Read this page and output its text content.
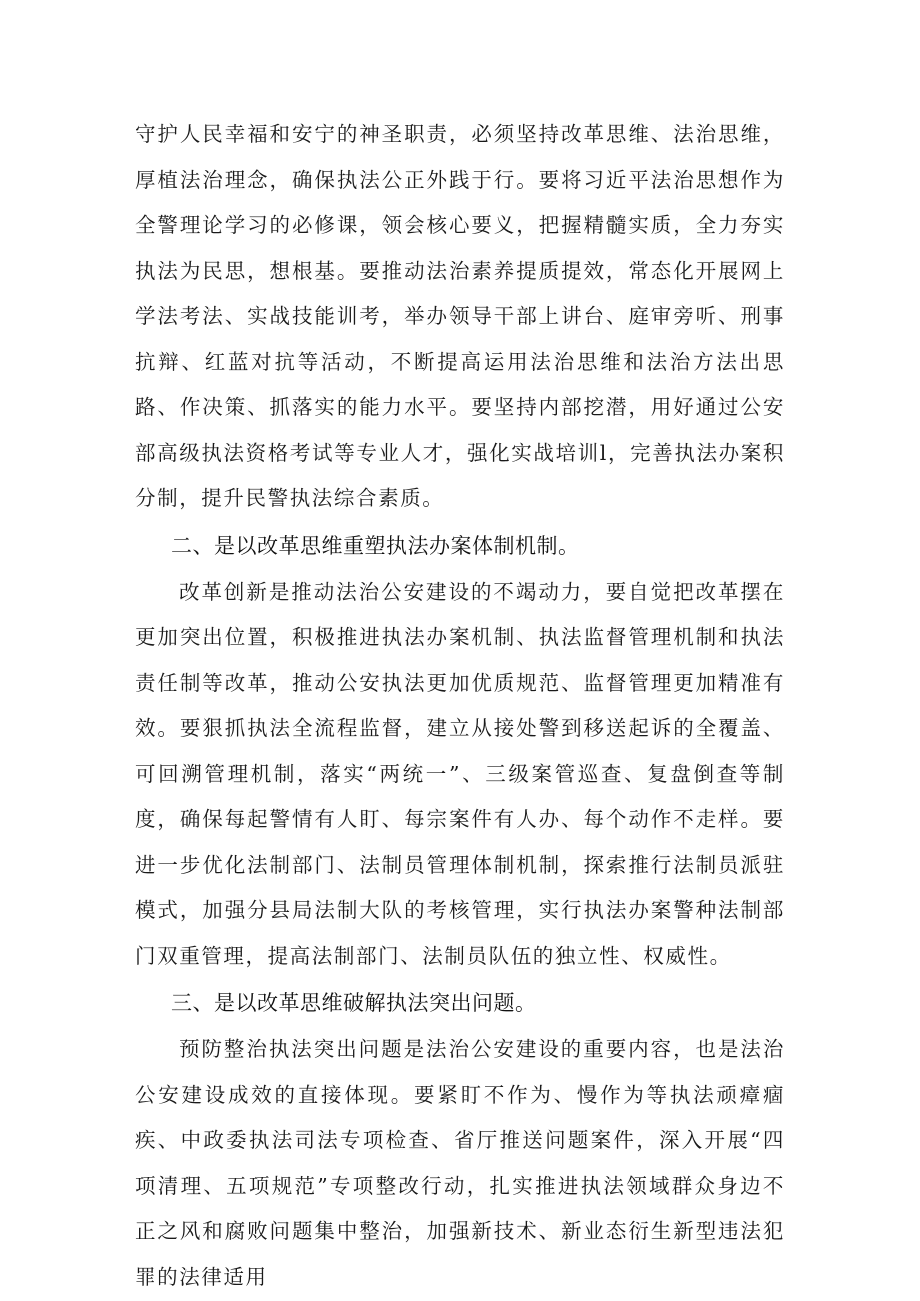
守护人民幸福和安宁的神圣职责，必须坚持改革思维、法治思维，厚植法治理念，确保执法公正外践于行。要将习近平法治思想作为全警理论学习的必修课，领会核心要义，把握精髓实质，全力夯实执法为民思，想根基。要推动法治素养提质提效，常态化开展网上学法考法、实战技能训考，举办领导干部上讲台、庭审旁听、刑事抗辩、红蓝对抗等活动，不断提高运用法治思维和法治方法出思路、作决策、抓落实的能力水平。要坚持内部挖潜，用好通过公安部高级执法资格考试等专业人才，强化实战培训l，完善执法办案积分制，提升民警执法综合素质。

二、是以改革思维重塑执法办案体制机制。

改革创新是推动法治公安建设的不竭动力，要自觉把改革摆在更加突出位置，积极推进执法办案机制、执法监督管理机制和执法责任制等改革，推动公安执法更加优质规范、监督管理更加精准有效。要狠抓执法全流程监督，建立从接处警到移送起诉的全覆盖、可回溯管理机制，落实“两统一”、三级案管巡查、复盘倒查等制度，确保每起警情有人盯、每宗案件有人办、每个动作不走样。要进一步优化法制部门、法制员管理体制机制，探索推行法制员派驻模式，加强分县局法制大队的考核管理，实行执法办案警种法制部门双重管理，提高法制部门、法制员队伍的独立性、权威性。

三、是以改革思维破解执法突出问题。

预防整治执法突出问题是法治公安建设的重要内容，也是法治公安建设成效的直接体现。要紧盯不作为、慢作为等执法顽瘴痼疾、中政委执法司法专项检查、省厅推送问题案件，深入开展“四项清理、五项规范”专项整改行动，扎实推进执法领域群众身边不正之风和腐败问题集中整治，加强新技术、新业态衍生新型违法犯罪的法律适用
